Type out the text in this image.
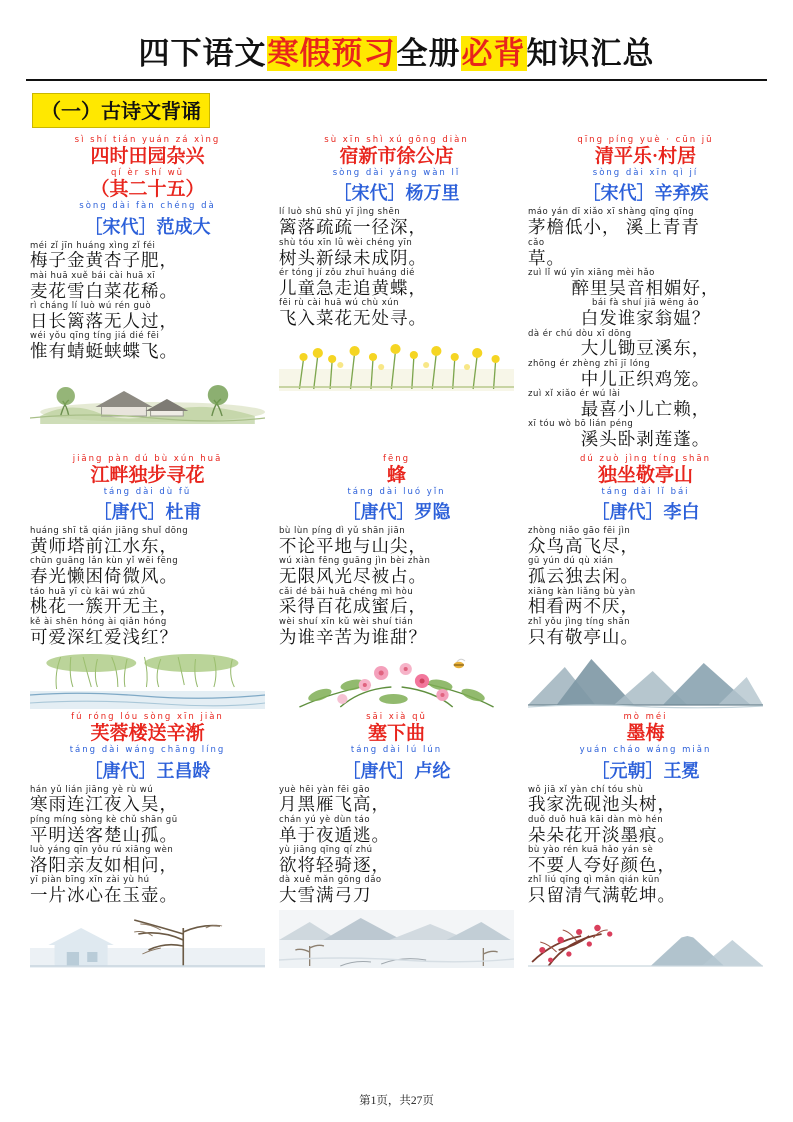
四下语文寒假预习全册必背知识汇总
（一）古诗文背诵
sì shí tián yuán zá xìng
四时田园杂兴
qí èr shí wǔ
（其二十五）
sòng dài fàn chéng dà
［宋代］范成大
méi zǐ jīn huáng xìng zǐ féi
梅子金黄杏子肥，
mài huā xuě bái cài huā xī
麦花雪白菜花稀。
rì cháng lí luò wú rén guò
日长篱落无人过，
wéi yǒu qīng tíng jiá dié fēi
惟有蜻蜓蛱蝶飞。
sù xīn shì xú gōng diàn
宿新市徐公店
sòng dài yáng wàn lǐ
［宋代］杨万里
lí luò shū shū yī jìng shēn
篱落疏疏一径深，
shù tóu xīn lǜ wèi chéng yīn
树头新绿未成阴。
ér tóng jí zǒu zhuī huáng dié
儿童急走追黄蝶，
fēi rù cài huā wú chù xún
飞入菜花无处寻。
qīng píng yuè · cūn jū
清平乐·村居
sòng dài xīn qì jí
［宋代］辛弃疾
máo yán dī xiǎo xī shàng qīng qīng
茅檐低小， 溪上青青
cǎo
草。
zuì lǐ wú yīn xiāng mèi hǎo
醉里吴音相媚好，
bái fà shuí jiā wēng ǎo
白发谁家翁媪？
dà ér chú dòu xī dōng
大儿锄豆溪东，
zhōng ér zhèng zhī jī lóng
中儿正织鸡笼。
zuì xǐ xiǎo ér wú lài
最喜小儿亡赖，
xī tóu wò bō lián péng
溪头卧剥莲蓬。
jiāng pàn dú bù xún huā
江畔独步寻花
táng dài dù fǔ
［唐代］杜甫
huáng shī tǎ qián jiāng shuǐ dōng
黄师塔前江水东，
chūn guāng lǎn kùn yǐ wēi fēng
春光懒困倚微风。
táo huā yī cù kāi wú zhǔ
桃花一簇开无主，
kě ài shēn hóng ài qiǎn hóng
可爱深红爱浅红？
fēng
蜂
táng dài luó yǐn
［唐代］罗隐
bù lùn píng dì yǔ shān jiān
不论平地与山尖，
wú xiàn fēng guāng jìn bèi zhàn
无限风光尽被占。
cǎi dé bǎi huā chéng mì hòu
采得百花成蜜后，
wèi shuí xīn kǔ wèi shuí tián
为谁辛苦为谁甜？
dú zuò jìng tíng shān
独坐敬亭山
táng dài lǐ bái
［唐代］李白
zhòng niǎo gāo fēi jìn
众鸟高飞尽，
gū yún dú qù xián
孤云独去闲。
xiāng kàn liǎng bù yàn
相看两不厌，
zhǐ yǒu jìng tíng shān
只有敬亭山。
fú róng lóu sòng xīn jiàn
芙蓉楼送辛渐
táng dài wáng chāng líng
［唐代］王昌龄
hán yǔ lián jiāng yè rù wú
寒雨连江夜入吴，
píng míng sòng kè chǔ shān gū
平明送客楚山孤。
luò yáng qīn yǒu rú xiāng wèn
洛阳亲友如相问，
yī piàn bīng xīn zài yù hú
一片冰心在玉壶。
sāi xià qǔ
塞下曲
táng dài lú lún
［唐代］卢纶
yuè hēi yàn fēi gāo
月黑雁飞高，
chán yú yè dùn táo
单于夜遁逃。
yù jiāng qīng qí zhú
欲将轻骑逐，
dà xuě mǎn gōng dāo
大雪满弓刀
mò méi
墨梅
yuán cháo wáng miǎn
［元朝］王冕
wǒ jiā xǐ yàn chí tóu shù
我家洗砚池头树，
duǒ duǒ huā kāi dàn mò hén
朵朵花开淡墨痕。
bù yào rén kuā hǎo yán sè
不要人夸好颜色，
zhǐ liú qīng qì mǎn qián kūn
只留清气满乾坤。
第1页，共27页
